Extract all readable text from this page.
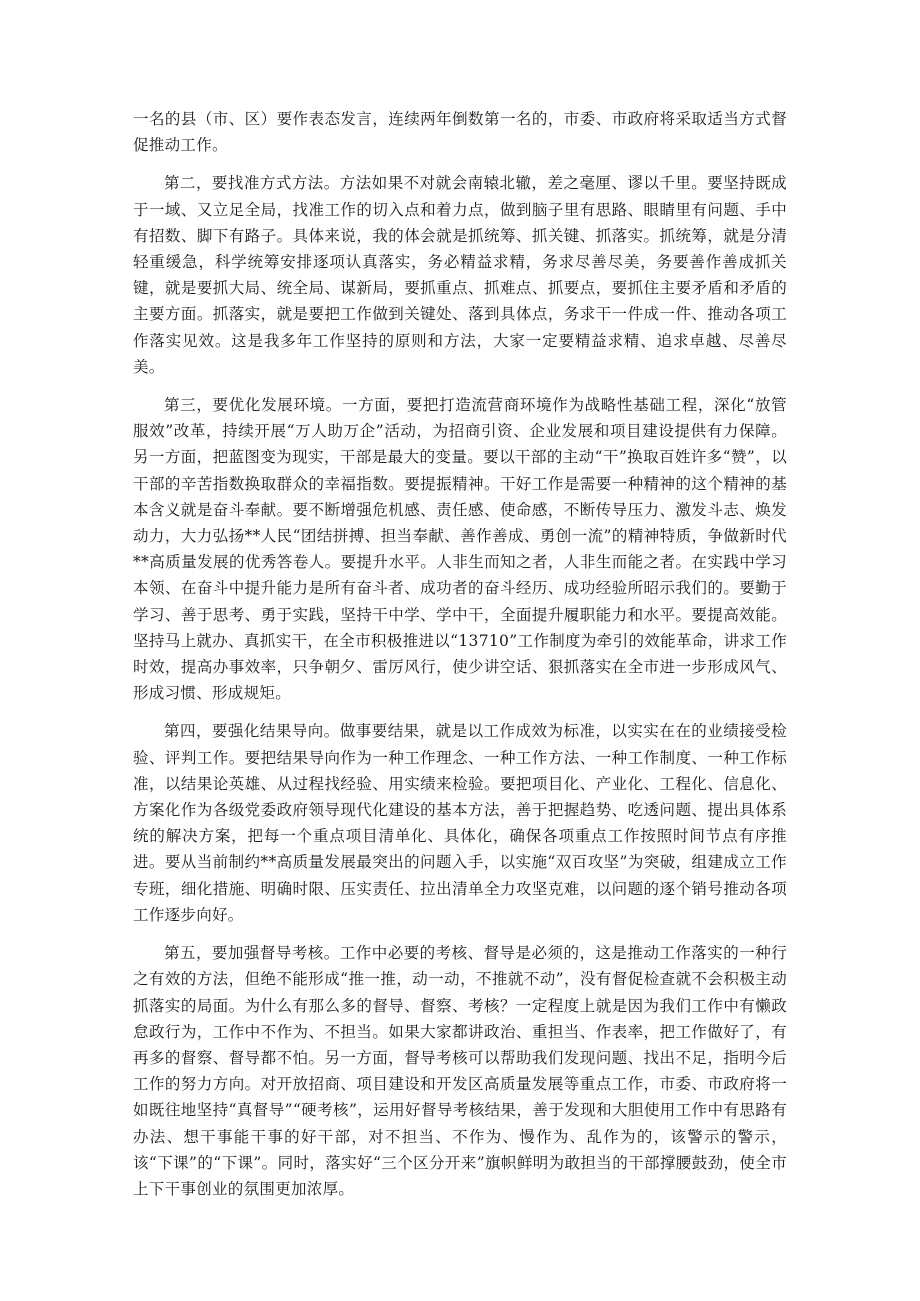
一名的县（市、区）要作表态发言，连续两年倒数第一名的，市委、市政府将采取适当方式督促推动工作。

第二，要找准方式方法。方法如果不对就会南辕北辙，差之毫厘、谬以千里。要坚持既成于一域、又立足全局，找准工作的切入点和着力点，做到脑子里有思路、眼睛里有问题、手中有招数、脚下有路子。具体来说，我的体会就是抓统筹、抓关键、抓落实。抓统筹，就是分清轻重缓急，科学统筹安排逐项认真落实，务必精益求精，务求尽善尽美，务要善作善成抓关键，就是要抓大局、统全局、谋新局，要抓重点、抓难点、抓要点，要抓住主要矛盾和矛盾的主要方面。抓落实，就是要把工作做到关键处、落到具体点，务求干一件成一件、推动各项工作落实见效。这是我多年工作坚持的原则和方法，大家一定要精益求精、追求卓越、尽善尽美。

第三，要优化发展环境。一方面，要把打造流营商环境作为战略性基础工程，深化“放管服效”改革，持续开展“万人助万企”活动，为招商引资、企业发展和项目建设提供有力保障。另一方面，把蓝图变为现实，干部是最大的变量。要以干部的主动“干”换取百姓许多“赞”，以干部的辛苦指数换取群众的幸福指数。要提振精神。干好工作是需要一种精神的这个精神的基本含义就是奋斗奉献。要不断增强危机感、责任感、使命感，不断传导压力、激发斗志、焕发动力，大力弘扬**人民“团结拼搏、担当奉献、善作善成、勇创一流”的精神特质，争做新时代**高质量发展的优秀答卷人。要提升水平。人非生而知之者，人非生而能之者。在实践中学习本领、在奋斗中提升能力是所有奋斗者、成功者的奋斗经历、成功经验所昭示我们的。要勤于学习、善于思考、勇于实践，坚持干中学、学中干，全面提升履职能力和水平。要提高效能。坚持马上就办、真抓实干，在全市积极推进以“13710”工作制度为牵引的效能革命，讲求工作时效，提高办事效率，只争朝夕、雷厉风行，使少讲空话、狠抓落实在全市进一步形成风气、形成习惯、形成规矩。

第四，要强化结果导向。做事要结果，就是以工作成效为标准，以实实在在的业绩接受检验、评判工作。要把结果导向作为一种工作理念、一种工作方法、一种工作制度、一种工作标准，以结果论英雄、从过程找经验、用实绩来检验。要把项目化、产业化、工程化、信息化、方案化作为各级党委政府领导现代化建设的基本方法，善于把握趋势、吃透问题、提出具体系统的解决方案，把每一个重点项目清单化、具体化，确保各项重点工作按照时间节点有序推进。要从当前制约**高质量发展最突出的问题入手，以实施“双百攻坚”为突破，组建成立工作专班，细化措施、明确时限、压实责任、拉出清单全力攻坚克难，以问题的逐个销号推动各项工作逐步向好。

第五，要加强督导考核。工作中必要的考核、督导是必须的，这是推动工作落实的一种行之有效的方法，但绝不能形成“推一推，动一动，不推就不动”，没有督促检查就不会积极主动抓落实的局面。为什么有那么多的督导、督察、考核？一定程度上就是因为我们工作中有懒政怠政行为，工作中不作为、不担当。如果大家都讲政治、重担当、作表率，把工作做好了，有再多的督察、督导都不怕。另一方面，督导考核可以帮助我们发现问题、找出不足，指明今后工作的努力方向。对开放招商、项目建设和开发区高质量发展等重点工作，市委、市政府将一如既往地坚持“真督导”“硬考核”，运用好督导考核结果，善于发现和大胆使用工作中有思路有办法、想干事能干事的好干部，对不担当、不作为、慢作为、乱作为的，该警示的警示，该“下课”的“下课”。同时，落实好“三个区分开来”旗帜鲜明为敢担当的干部撑腰鼓劲，使全市上下干事创业的氛围更加浓厚。
